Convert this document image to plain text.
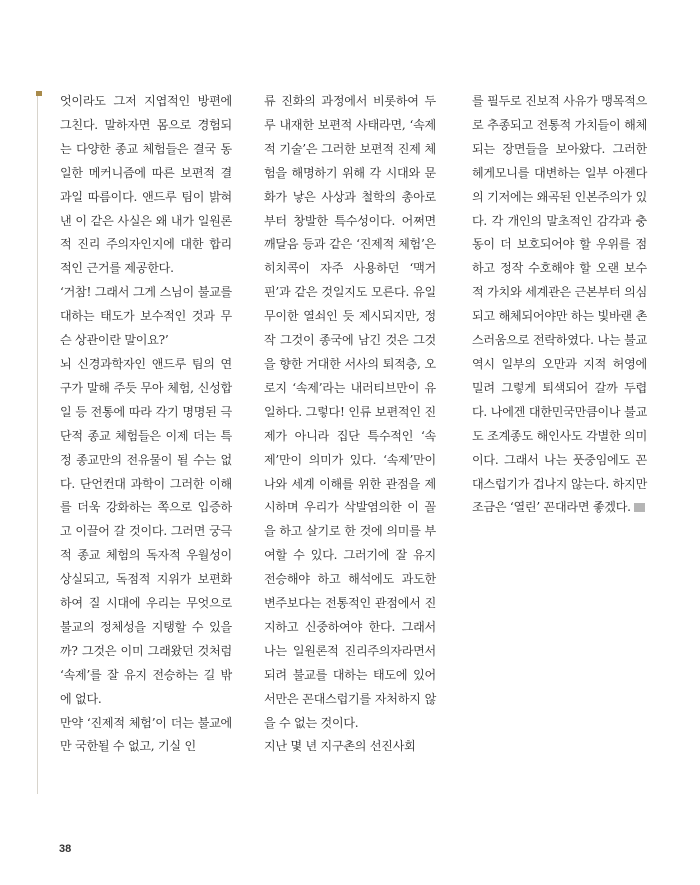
엇이라도 그저 지엽적인 방편에 그친다. 말하자면 몸으로 경험되는 다양한 종교 체험들은 결국 동일한 메커니즘에 따른 보편적 결과일 따름이다. 앤드루 팀이 밝혀낸 이 같은 사실은 왜 내가 일원론적 진리 주의자인지에 대한 합리적인 근거를 제공한다.

‘거참! 그래서 그게 스님이 불교를 대하는 태도가 보수적인 것과 무슨 상관이란 말이요?’

뇌 신경과학자인 앤드루 팀의 연구가 말해 주듯 무아 체험, 신성합일 등 전통에 따라 각기 명명된 극단적 종교 체험들은 이제 더는 특정 종교만의 전유물이 될 수는 없다. 단언컨대 과학이 그러한 이해를 더욱 강화하는 쪽으로 입증하고 이끌어 갈 것이다. 그러면 궁극적 종교 체험의 독자적 우월성이 상실되고, 독점적 지위가 보편화하여 질 시대에 우리는 무엇으로 불교의 정체성을 지탱할 수 있을까? 그것은 이미 그래왔던 것처럼 ‘속제’를 잘 유지 전승하는 길 밖에 없다.

만약 ‘진제적 체험’이 더는 불교에만 국한될 수 없고, 기실 인

류 진화의 과정에서 비롯하여 두루 내재한 보편적 사태라면, ‘속제적 기술’은 그러한 보편적 진제 체험을 해명하기 위해 각 시대와 문화가 낳은 사상과 철학의 총아로부터 창발한 특수성이다. 어쩌면 깨달음 등과 같은 ‘진제적 체험’은 히치콕이 자주 사용하던 ‘맥거핀’과 같은 것일지도 모른다. 유일무이한 열쇠인 듯 제시되지만, 정작 그것이 종국에 남긴 것은 그것을 향한 거대한 서사의 퇴적층, 오로지 ‘속제’라는 내러티브만이 유일하다. 그렇다! 인류 보편적인 진제가 아니라 집단 특수적인 ‘속제’만이 의미가 있다. ‘속제’만이 나와 세계 이해를 위한 관점을 제시하며 우리가 삭발염의한 이 꼴을 하고 살기로 한 것에 의미를 부여할 수 있다. 그러기에 잘 유지 전승해야 하고 해석에도 과도한 변주보다는 전통적인 관점에서 진지하고 신중하여야 한다. 그래서 나는 일원론적 진리주의자라면서 되려 불교를 대하는 태도에 있어서만은 꼰대스럽기를 자처하지 않을 수 없는 것이다.

지난 몇 년 지구촌의 선진사회

를 필두로 진보적 사유가 맹목적으로 추종되고 전통적 가치들이 해체되는 장면들을 보아왔다. 그러한 헤게모니를 대변하는 일부 아젠다의 기저에는 왜곡된 인본주의가 있다. 각 개인의 말초적인 감각과 충동이 더 보호되어야 할 우위를 점하고 정작 수호해야 할 오랜 보수적 가치와 세계관은 근본부터 의심되고 해체되어야만 하는 빛바랜 촌스러움으로 전락하였다. 나는 불교 역시 일부의 오만과 지적 허영에 밀려 그렇게 퇴색되어 갈까 두렵다. 나에겐 대한민국만큼이나 불교도 조계종도 해인사도 각별한 의미이다. 그래서 나는 풋중임에도 꼰대스럽기가 겁나지 않는다. 하지만 조금은 ‘열린’ 꼰대라면 좋겠다.

38
